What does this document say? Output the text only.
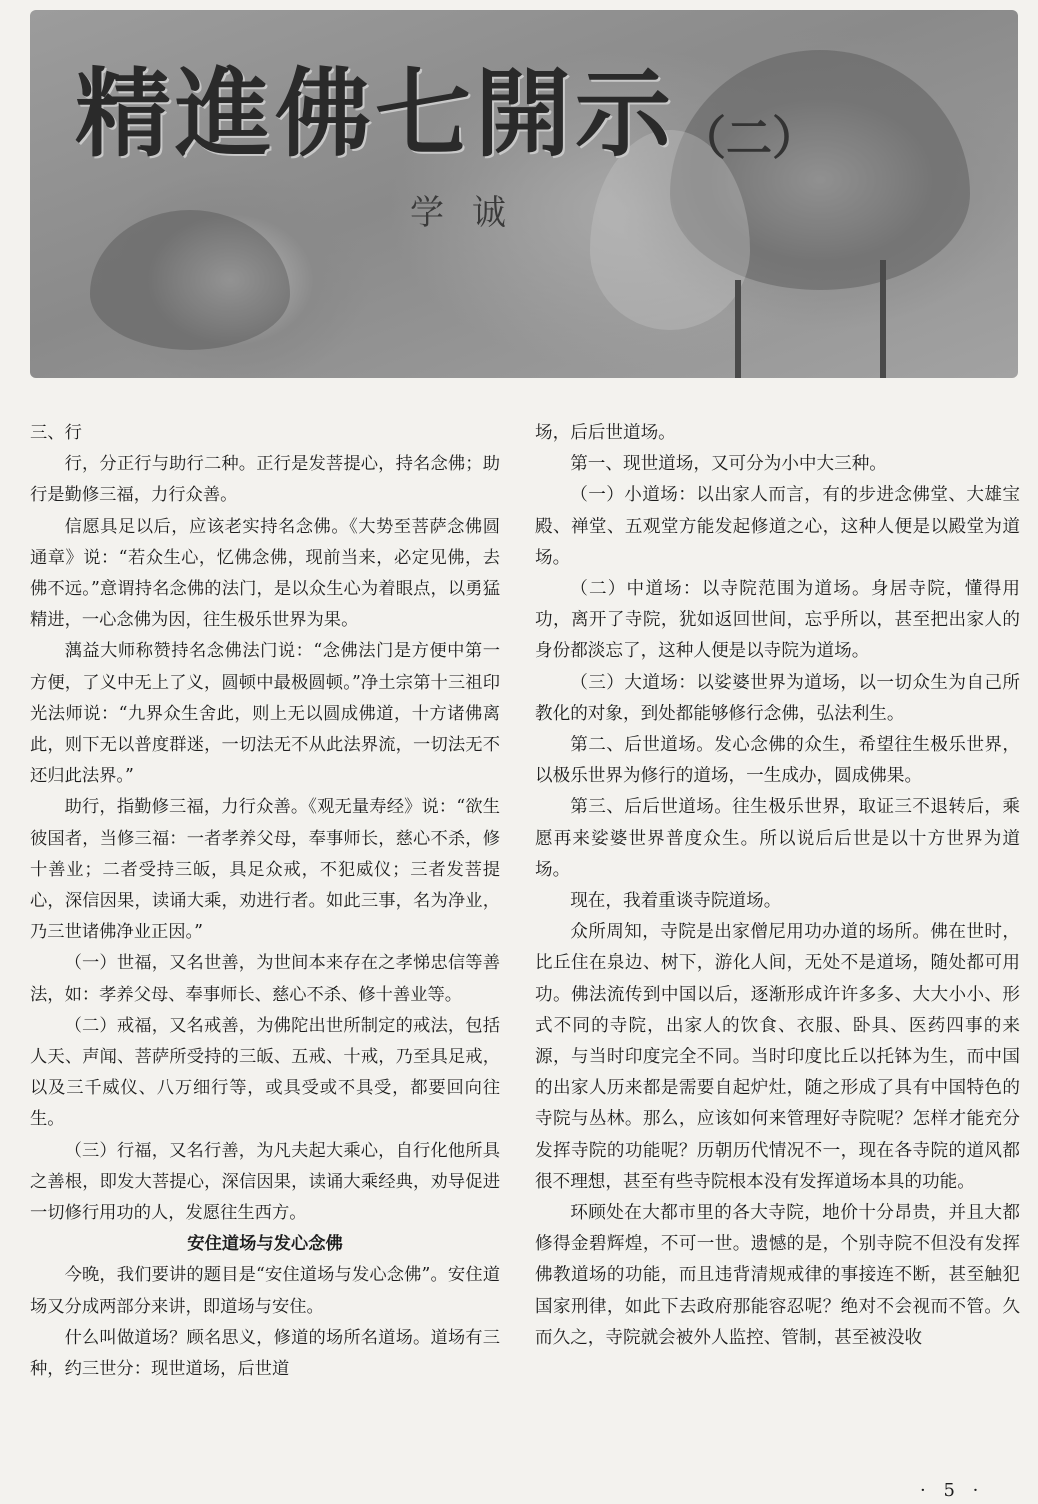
精進佛七開示 （二）
学诚

三、行

行，分正行与助行二种。正行是发菩提心，持名念佛；助行是勤修三福，力行众善。

信愿具足以后，应该老实持名念佛。《大势至菩萨念佛圆通章》说：“若众生心，忆佛念佛，现前当来，必定见佛，去佛不远。”意谓持名念佛的法门，是以众生心为着眼点，以勇猛精进，一心念佛为因，往生极乐世界为果。

蕅益大师称赞持名念佛法门说：“念佛法门是方便中第一方便，了义中无上了义，圆顿中最极圆顿。”净土宗第十三祖印光法师说：“九界众生舍此，则上无以圆成佛道，十方诸佛离此，则下无以普度群迷，一切法无不从此法界流，一切法无不还归此法界。”

助行，指勤修三福，力行众善。《观无量寿经》说：“欲生彼国者，当修三福：一者孝养父母，奉事师长，慈心不杀，修十善业；二者受持三皈，具足众戒，不犯威仪；三者发菩提心，深信因果，读诵大乘，劝进行者。如此三事，名为净业，乃三世诸佛净业正因。”

（一）世福，又名世善，为世间本来存在之孝悌忠信等善法，如：孝养父母、奉事师长、慈心不杀、修十善业等。

（二）戒福，又名戒善，为佛陀出世所制定的戒法，包括人天、声闻、菩萨所受持的三皈、五戒、十戒，乃至具足戒，以及三千威仪、八万细行等，或具受或不具受，都要回向往生。

（三）行福，又名行善，为凡夫起大乘心，自行化他所具之善根，即发大菩提心，深信因果，读诵大乘经典，劝导促进一切修行用功的人，发愿往生西方。

安住道场与发心念佛

今晚，我们要讲的题目是“安住道场与发心念佛”。安住道场又分成两部分来讲，即道场与安住。

什么叫做道场？顾名思义，修道的场所名道场。道场有三种，约三世分：现世道场，后世道

场，后后世道场。

第一、现世道场，又可分为小中大三种。

（一）小道场：以出家人而言，有的步进念佛堂、大雄宝殿、禅堂、五观堂方能发起修道之心，这种人便是以殿堂为道场。

（二）中道场：以寺院范围为道场。身居寺院，懂得用功，离开了寺院，犹如返回世间，忘乎所以，甚至把出家人的身份都淡忘了，这种人便是以寺院为道场。

（三）大道场：以娑婆世界为道场，以一切众生为自己所教化的对象，到处都能够修行念佛，弘法利生。

第二、后世道场。发心念佛的众生，希望往生极乐世界，以极乐世界为修行的道场，一生成办，圆成佛果。

第三、后后世道场。往生极乐世界，取证三不退转后，乘愿再来娑婆世界普度众生。所以说后后世是以十方世界为道场。

现在，我着重谈寺院道场。

众所周知，寺院是出家僧尼用功办道的场所。佛在世时，比丘住在泉边、树下，游化人间，无处不是道场，随处都可用功。佛法流传到中国以后，逐渐形成许许多多、大大小小、形式不同的寺院，出家人的饮食、衣服、卧具、医药四事的来源，与当时印度完全不同。当时印度比丘以托钵为生，而中国的出家人历来都是需要自起炉灶，随之形成了具有中国特色的寺院与丛林。那么，应该如何来管理好寺院呢？怎样才能充分发挥寺院的功能呢？历朝历代情况不一，现在各寺院的道风都很不理想，甚至有些寺院根本没有发挥道场本具的功能。

环顾处在大都市里的各大寺院，地价十分昂贵，并且大都修得金碧辉煌，不可一世。遗憾的是，个别寺院不但没有发挥佛教道场的功能，而且违背清规戒律的事接连不断，甚至触犯国家刑律，如此下去政府那能容忍呢？绝对不会视而不管。久而久之，寺院就会被外人监控、管制，甚至被没收

· 5 ·
